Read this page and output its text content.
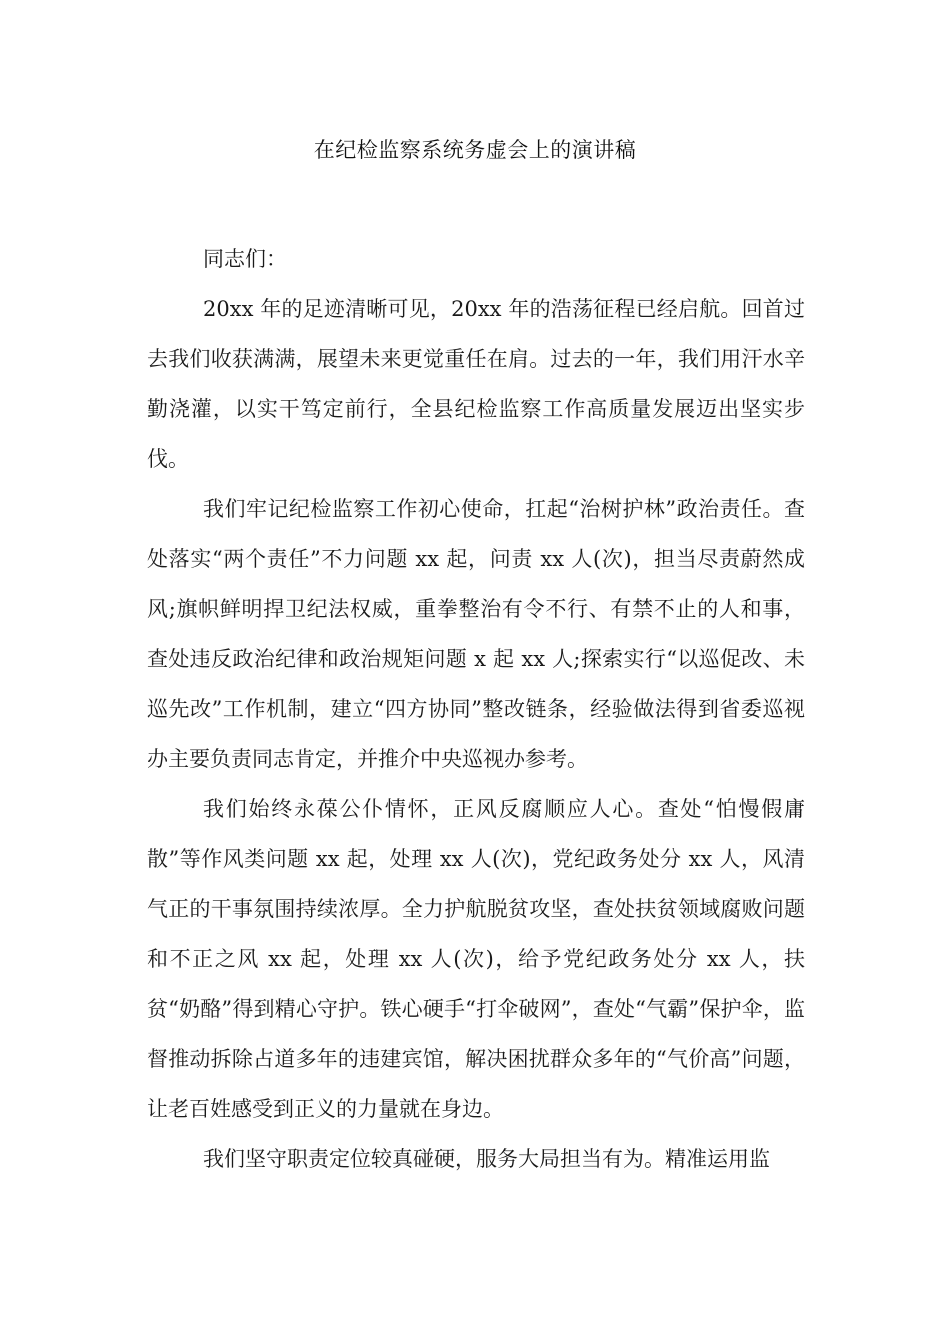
在纪检监察系统务虚会上的演讲稿

同志们：

20xx 年的足迹清晰可见，20xx 年的浩荡征程已经启航。回首过去我们收获满满，展望未来更觉重任在肩。过去的一年，我们用汗水辛勤浇灌，以实干笃定前行，全县纪检监察工作高质量发展迈出坚实步伐。

我们牢记纪检监察工作初心使命，扛起“治树护林”政治责任。查处落实“两个责任”不力问题 xx 起，问责 xx 人(次)，担当尽责蔚然成风;旗帜鲜明捍卫纪法权威，重拳整治有令不行、有禁不止的人和事，查处违反政治纪律和政治规矩问题 x 起 xx 人;探索实行“以巡促改、未巡先改”工作机制，建立“四方协同”整改链条，经验做法得到省委巡视办主要负责同志肯定，并推介中央巡视办参考。

我们始终永葆公仆情怀，正风反腐顺应人心。查处“怕慢假庸散”等作风类问题 xx 起，处理 xx 人(次)，党纪政务处分 xx 人，风清气正的干事氛围持续浓厚。全力护航脱贫攻坚，查处扶贫领域腐败问题和不正之风 xx 起，处理 xx 人(次)，给予党纪政务处分 xx 人，扶贫“奶酪”得到精心守护。铁心硬手“打伞破网”，查处“气霸”保护伞，监督推动拆除占道多年的违建宾馆，解决困扰群众多年的“气价高”问题，让老百姓感受到正义的力量就在身边。

我们坚守职责定位较真碰硬，服务大局担当有为。精准运用监
